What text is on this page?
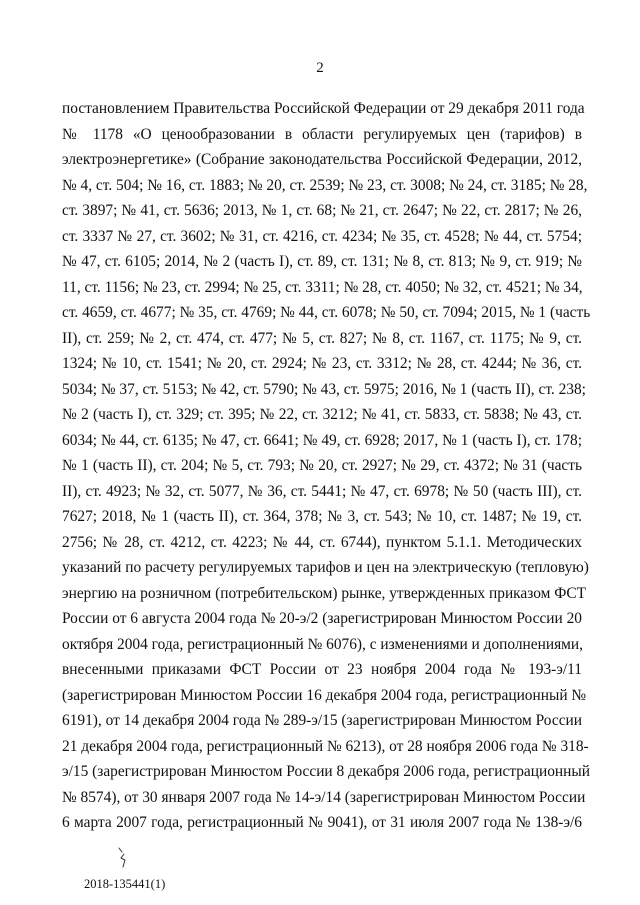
2
постановлением Правительства Российской Федерации от 29 декабря 2011 года
№ 1178 «О ценообразовании в области регулируемых цен (тарифов) в
электроэнергетике» (Собрание законодательства Российской Федерации, 2012,
№ 4, ст. 504; № 16, ст. 1883; № 20, ст. 2539; № 23, ст. 3008; № 24, ст. 3185; № 28,
ст. 3897; № 41, ст. 5636; 2013, № 1, ст. 68; № 21, ст. 2647; № 22, ст. 2817; № 26,
ст. 3337 № 27, ст. 3602; № 31, ст. 4216, ст. 4234; № 35, ст. 4528; № 44, ст. 5754;
№ 47, ст. 6105; 2014, № 2 (часть I), ст. 89, ст. 131; № 8, ст. 813; № 9, ст. 919; №
11, ст. 1156; № 23, ст. 2994; № 25, ст. 3311; № 28, ст. 4050; № 32, ст. 4521; № 34,
ст. 4659, ст. 4677; № 35, ст. 4769; № 44, ст. 6078; № 50, ст. 7094; 2015, № 1 (часть
II), ст. 259; № 2, ст. 474, ст. 477; № 5, ст. 827; № 8, ст. 1167, ст. 1175; № 9, ст.
1324; № 10, ст. 1541; № 20, ст. 2924; № 23, ст. 3312; № 28, ст. 4244; № 36, ст.
5034; № 37, ст. 5153; № 42, ст. 5790; № 43, ст. 5975; 2016, № 1 (часть II), ст. 238;
№ 2 (часть I), ст. 329; ст. 395; № 22, ст. 3212; № 41, ст. 5833, ст. 5838; № 43, ст.
6034; № 44, ст. 6135; № 47, ст. 6641; № 49, ст. 6928; 2017, № 1 (часть I), ст. 178;
№ 1 (часть II), ст. 204; № 5, ст. 793; № 20, ст. 2927; № 29, ст. 4372; № 31 (часть
II), ст. 4923; № 32, ст. 5077, № 36, ст. 5441; № 47, ст. 6978; № 50 (часть III), ст.
7627; 2018, № 1 (часть II), ст. 364, 378; № 3, ст. 543; № 10, ст. 1487; № 19, ст.
2756; № 28, ст. 4212, ст. 4223; № 44, ст. 6744), пунктом 5.1.1. Методических
указаний по расчету регулируемых тарифов и цен на электрическую (тепловую)
энергию на розничном (потребительском) рынке, утвержденных приказом ФСТ
России от 6 августа 2004 года № 20-э/2 (зарегистрирован Минюстом России 20
октября 2004 года, регистрационный № 6076), с изменениями и дополнениями,
внесенными приказами ФСТ России от 23 ноября 2004 года № 193-э/11
(зарегистрирован Минюстом России 16 декабря 2004 года, регистрационный №
6191), от 14 декабря 2004 года № 289-э/15 (зарегистрирован Минюстом России
21 декабря 2004 года, регистрационный № 6213), от 28 ноября 2006 года № 318-
э/15 (зарегистрирован Минюстом России 8 декабря 2006 года, регистрационный
№ 8574), от 30 января 2007 года № 14-э/14 (зарегистрирован Минюстом России
6 марта 2007 года, регистрационный № 9041), от 31 июля 2007 года № 138-э/6
2018-135441(1)
